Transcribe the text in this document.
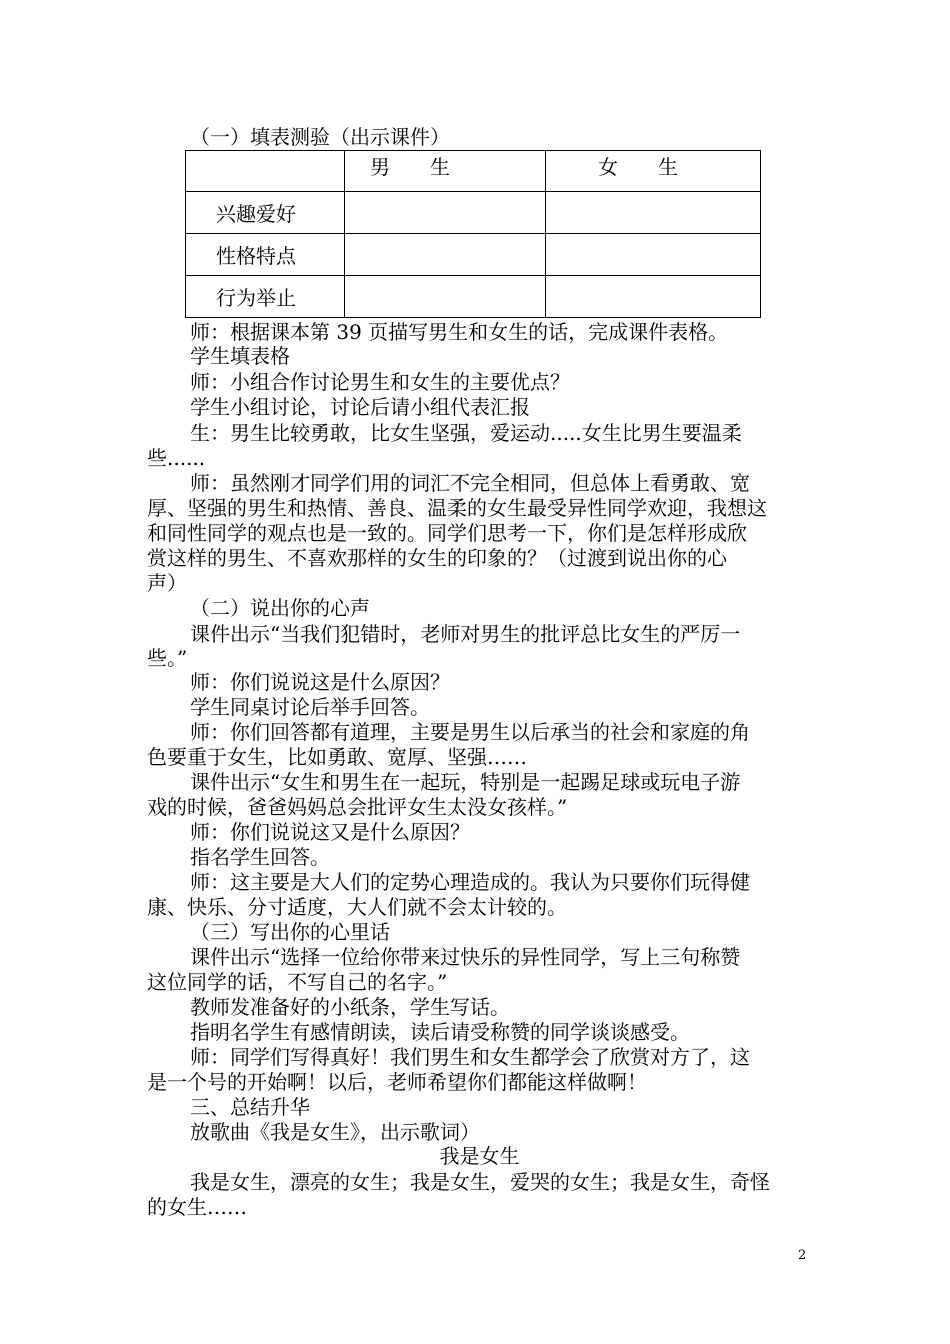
（一）填表测验（出示课件）

	男　　生	女　　生

兴趣爱好		
性格特点		
行为举止		
师：根据课本第 39 页描写男生和女生的话，完成课件表格。
学生填表格
师：小组合作讨论男生和女生的主要优点？
学生小组讨论，讨论后请小组代表汇报
生：男生比较勇敢，比女生坚强，爱运动.....女生比男生要温柔
些......
师：虽然刚才同学们用的词汇不完全相同，但总体上看勇敢、宽
厚、坚强的男生和热情、善良、温柔的女生最受异性同学欢迎，我想这
和同性同学的观点也是一致的。同学们思考一下，你们是怎样形成欣
赏这样的男生、不喜欢那样的女生的印象的？（过渡到说出你的心
声）
（二）说出你的心声
课件出示“当我们犯错时，老师对男生的批评总比女生的严厉一
些。”
师：你们说说这是什么原因？
学生同桌讨论后举手回答。
师：你们回答都有道理，主要是男生以后承当的社会和家庭的角
色要重于女生，比如勇敢、宽厚、坚强……
课件出示“女生和男生在一起玩，特别是一起踢足球或玩电子游
戏的时候，爸爸妈妈总会批评女生太没女孩样。”
师：你们说说这又是什么原因？
指名学生回答。
师：这主要是大人们的定势心理造成的。我认为只要你们玩得健
康、快乐、分寸适度，大人们就不会太计较的。
（三）写出你的心里话
课件出示“选择一位给你带来过快乐的异性同学，写上三句称赞
这位同学的话，不写自己的名字。”
教师发准备好的小纸条，学生写话。
指明名学生有感情朗读，读后请受称赞的同学谈谈感受。
师：同学们写得真好！我们男生和女生都学会了欣赏对方了，这
是一个号的开始啊！以后，老师希望你们都能这样做啊！
三、总结升华
放歌曲《我是女生》，出示歌词）
我是女生
我是女生，漂亮的女生；我是女生，爱哭的女生；我是女生，奇怪
的女生……
2
